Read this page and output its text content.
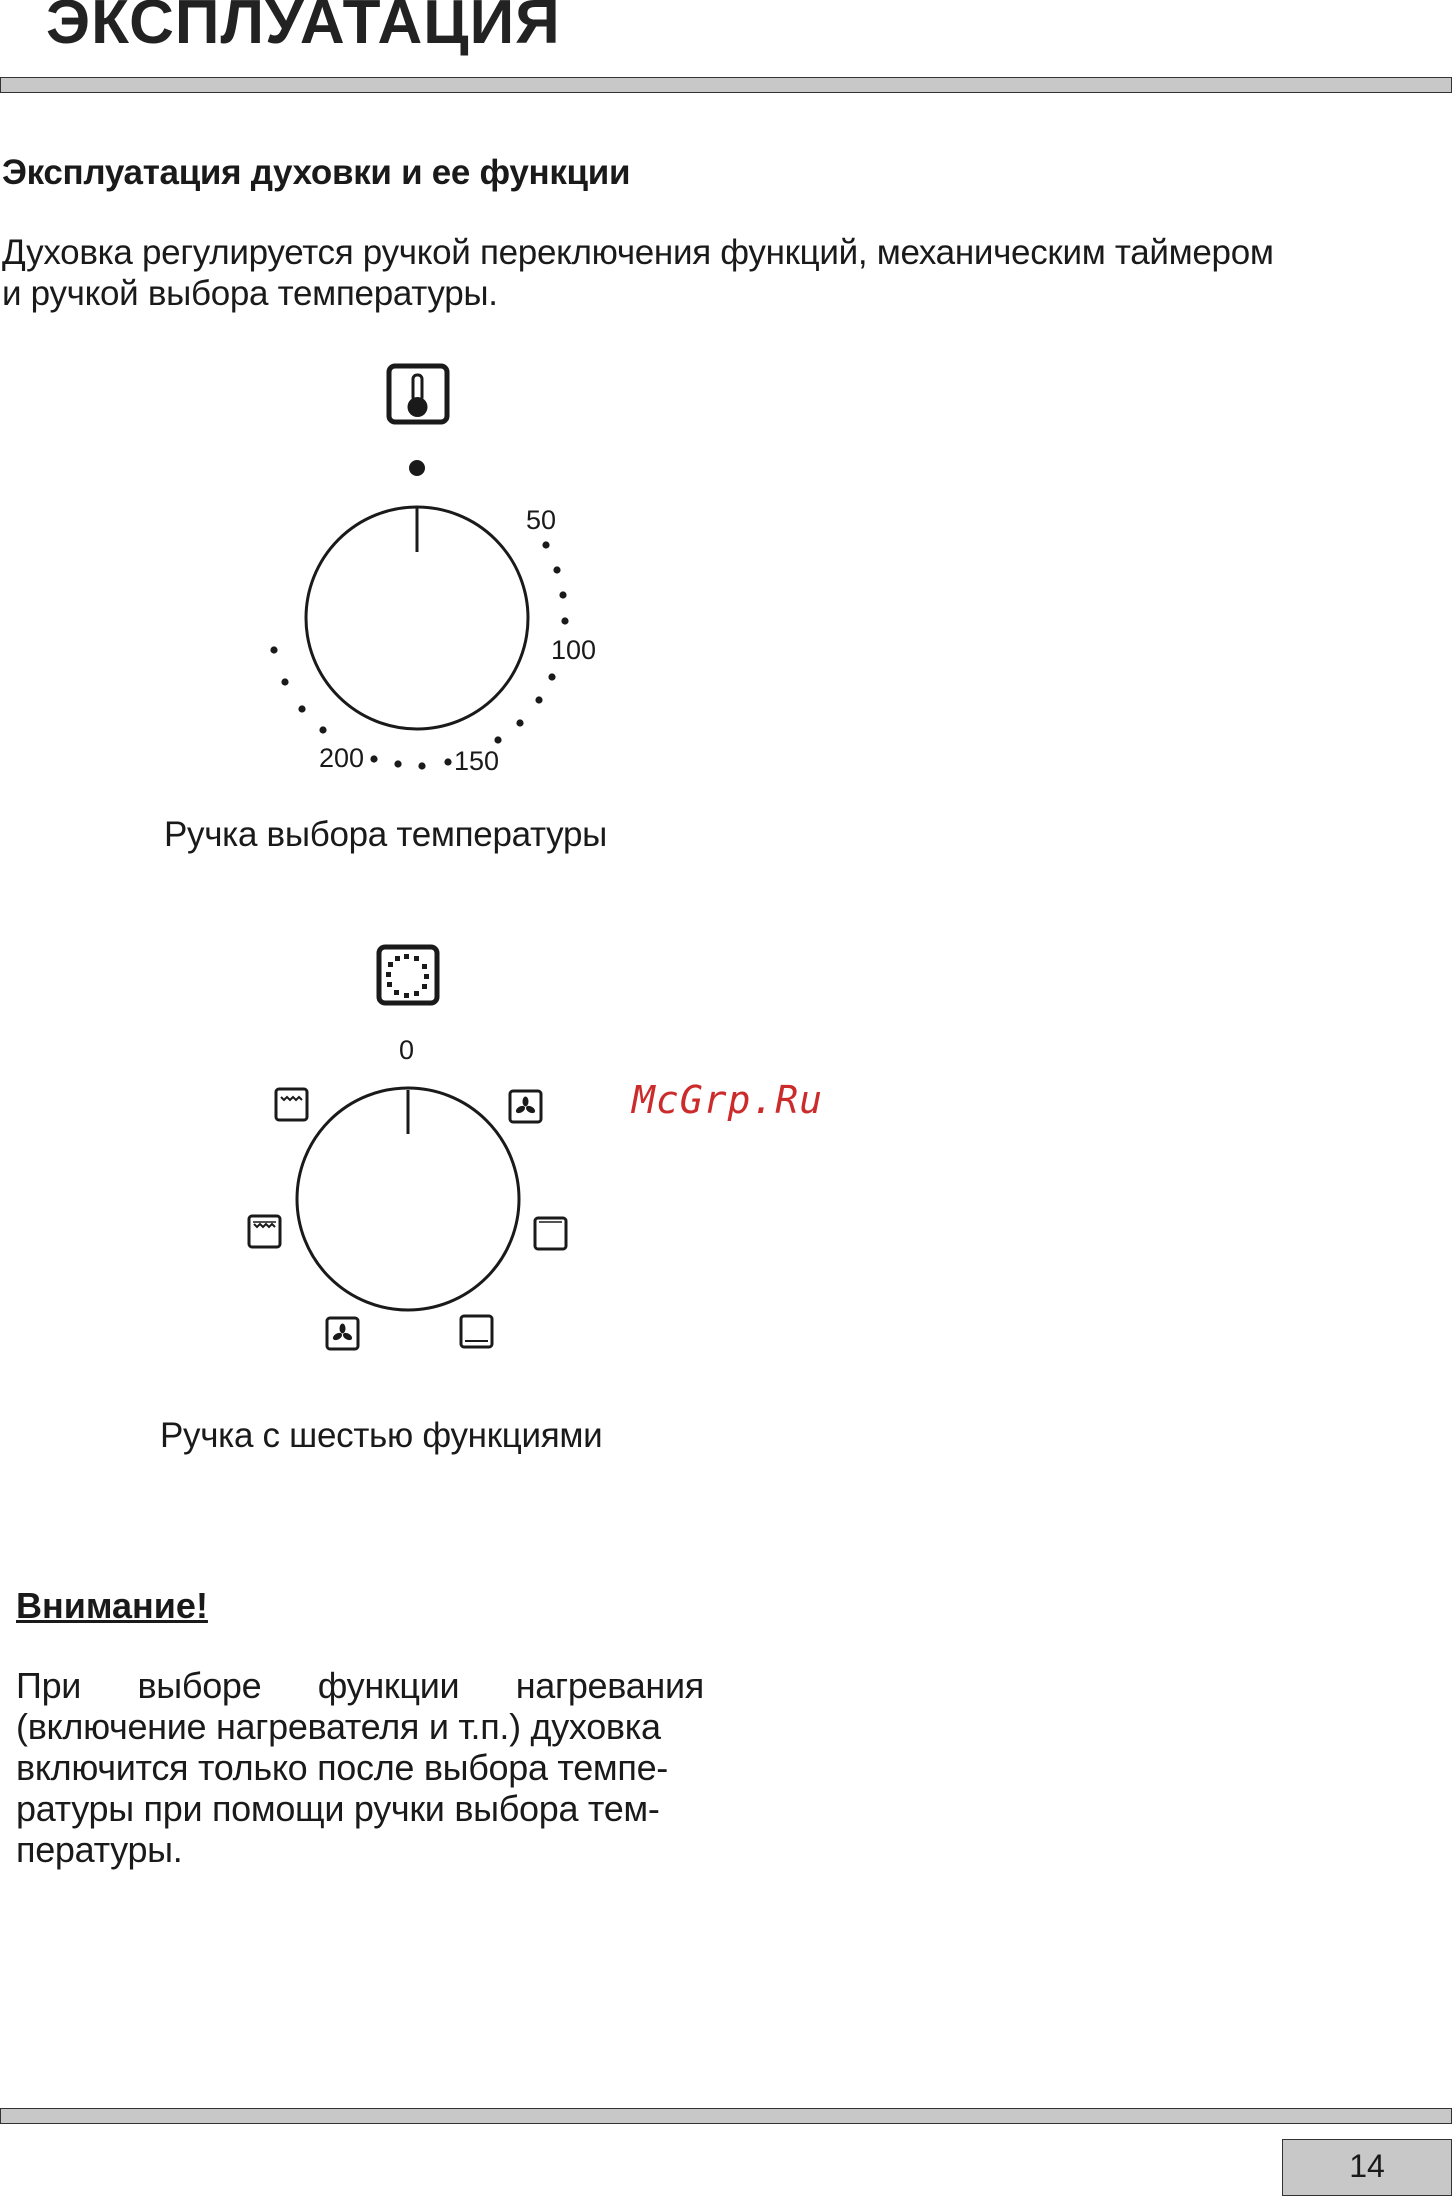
ЭКСПЛУАТАЦИЯ
Эксплуатация духовки и ее функции
Духовка регулируется ручкой переключения функций, механическим таймером
и ручкой выбора температуры.
50
100
150
200
0
Ручка выбора температуры
McGrp.Ru
Ручка с шестью функциями
Внимание!
При выборе функции нагревания
(включение нагревателя и т.п.) духовка
включится только после выбора темпе-
ратуры при помощи ручки выбора тем-
пературы.
14
